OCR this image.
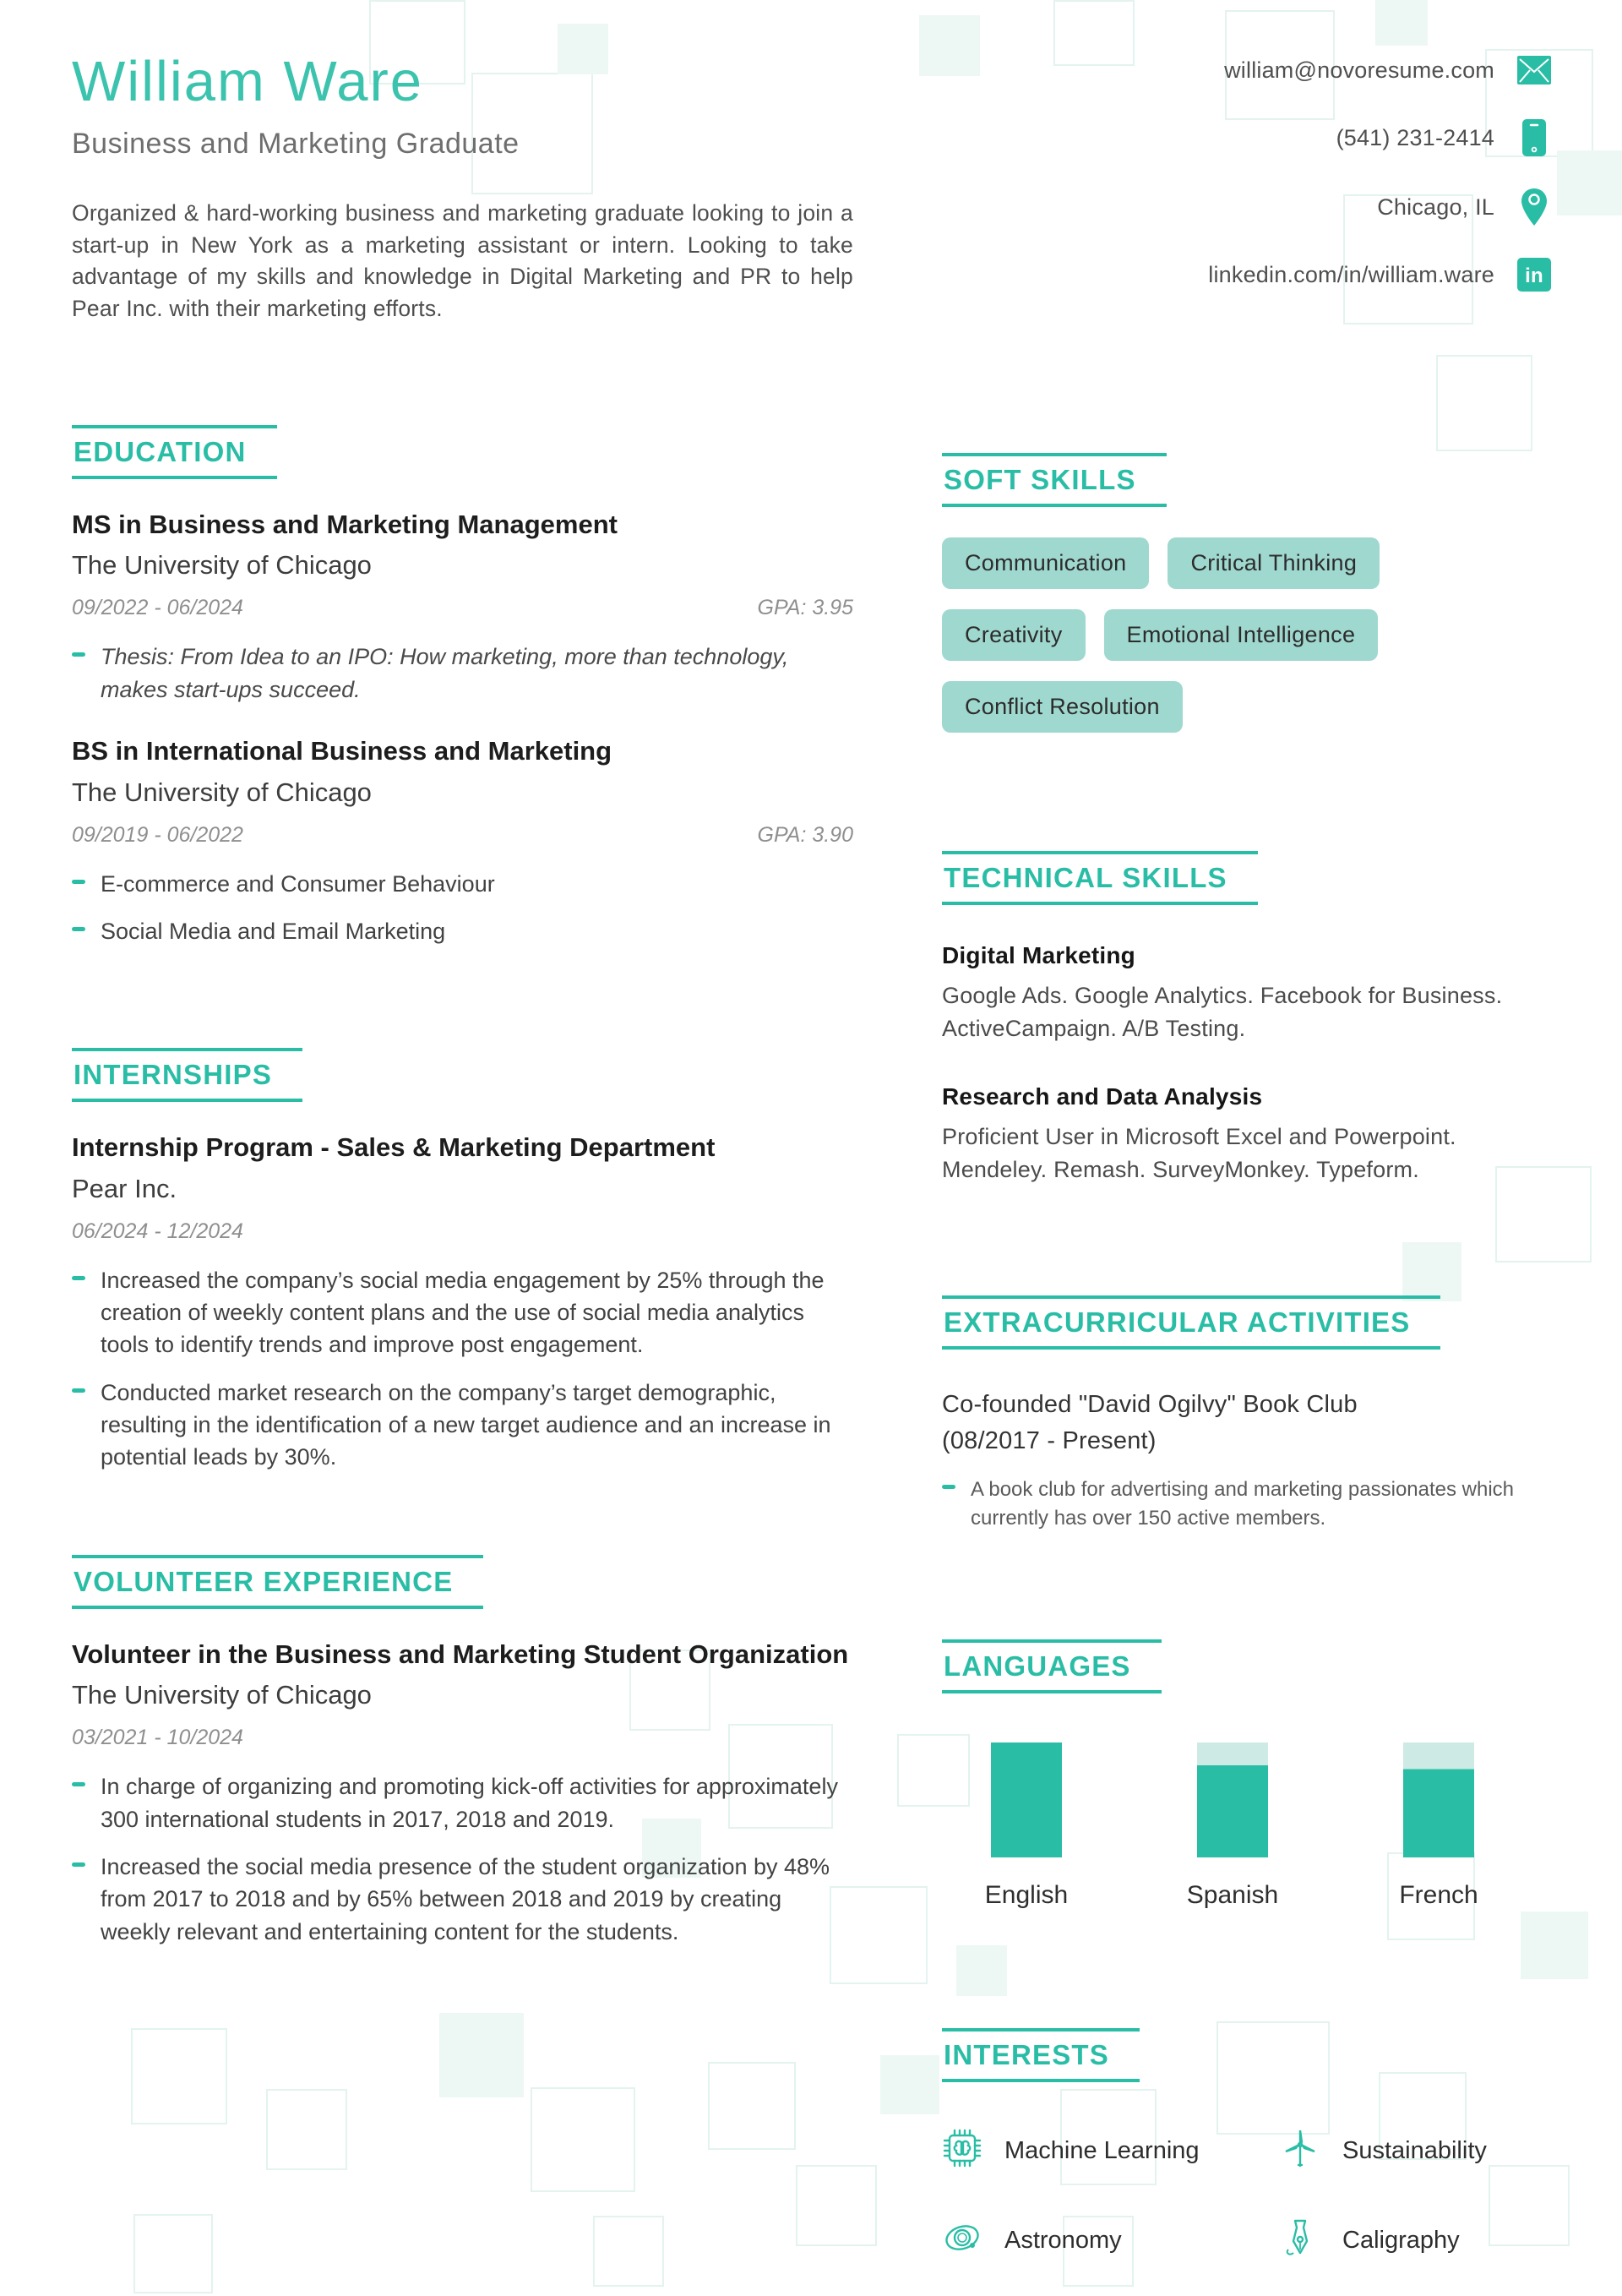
William Ware
Business and Marketing Graduate
Organized & hard-working business and marketing graduate looking to join a start-up in New York as a marketing assistant or intern. Looking to take advantage of my skills and knowledge in Digital Marketing and PR to help Pear Inc. with their marketing efforts.
EDUCATION
MS in Business and Marketing Management
The University of Chicago
09/2022 - 06/2024	GPA: 3.95
Thesis: From Idea to an IPO: How marketing, more than technology, makes start-ups succeed.
BS in International Business and Marketing
The University of Chicago
09/2019 - 06/2022	GPA: 3.90
E-commerce and Consumer Behaviour
Social Media and Email Marketing
INTERNSHIPS
Internship Program - Sales & Marketing Department
Pear Inc.
06/2024 - 12/2024
Increased the company’s social media engagement by 25% through the creation of weekly content plans and the use of social media analytics tools to identify trends and improve post engagement.
Conducted market research on the company’s target demographic, resulting in the identification of a new target audience and an increase in potential leads by 30%.
VOLUNTEER EXPERIENCE
Volunteer in the Business and Marketing Student Organization
The University of Chicago
03/2021 - 10/2024
In charge of organizing and promoting kick-off activities for approximately 300 international students in 2017, 2018 and 2019.
Increased the social media presence of the student organization by 48% from 2017 to 2018 and by 65% between 2018 and 2019 by creating weekly relevant and entertaining content for the students.
william@novoresume.com
(541) 231-2414
Chicago, IL
linkedin.com/in/william.ware in
SOFT SKILLS
Communication	Critical Thinking
Creativity	Emotional Intelligence
Conflict Resolution
TECHNICAL SKILLS
Digital Marketing
Google Ads. Google Analytics. Facebook for Business. ActiveCampaign. A/B Testing.
Research and Data Analysis
Proficient User in Microsoft Excel and Powerpoint. Mendeley. Remash. SurveyMonkey. Typeform.
EXTRACURRICULAR ACTIVITIES
Co-founded "David Ogilvy" Book Club (08/2017 - Present)
A book club for advertising and marketing passionates which currently has over 150 active members.
LANGUAGES
English	Spanish	French
INTERESTS
Machine Learning	Sustainability
Astronomy	Caligraphy
